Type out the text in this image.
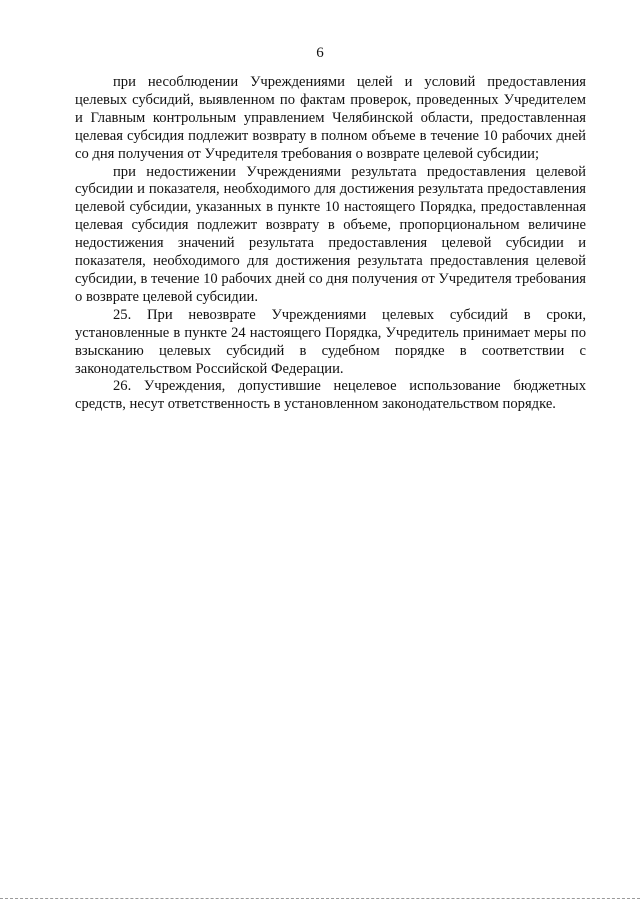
6

при несоблюдении Учреждениями целей и условий предоставления целевых субсидий, выявленном по фактам проверок, проведенных Учредителем и Главным контрольным управлением Челябинской области, предоставленная целевая субсидия подлежит возврату в полном объеме в течение 10 рабочих дней со дня получения от Учредителя требования о возврате целевой субсидии;

при недостижении Учреждениями результата предоставления целевой субсидии и показателя, необходимого для достижения результата предоставления целевой субсидии, указанных в пункте 10 настоящего Порядка, предоставленная целевая субсидия подлежит возврату в объеме, пропорциональном величине недостижения значений результата предоставления целевой субсидии и показателя, необходимого для достижения результата предоставления целевой субсидии, в течение 10 рабочих дней со дня получения от Учредителя требования о возврате целевой субсидии.

25. При невозврате Учреждениями целевых субсидий в сроки, установленные в пункте 24 настоящего Порядка, Учредитель принимает меры по взысканию целевых субсидий в судебном порядке в соответствии с законодательством Российской Федерации.

26. Учреждения, допустившие нецелевое использование бюджетных средств, несут ответственность в установленном законодательством порядке.
